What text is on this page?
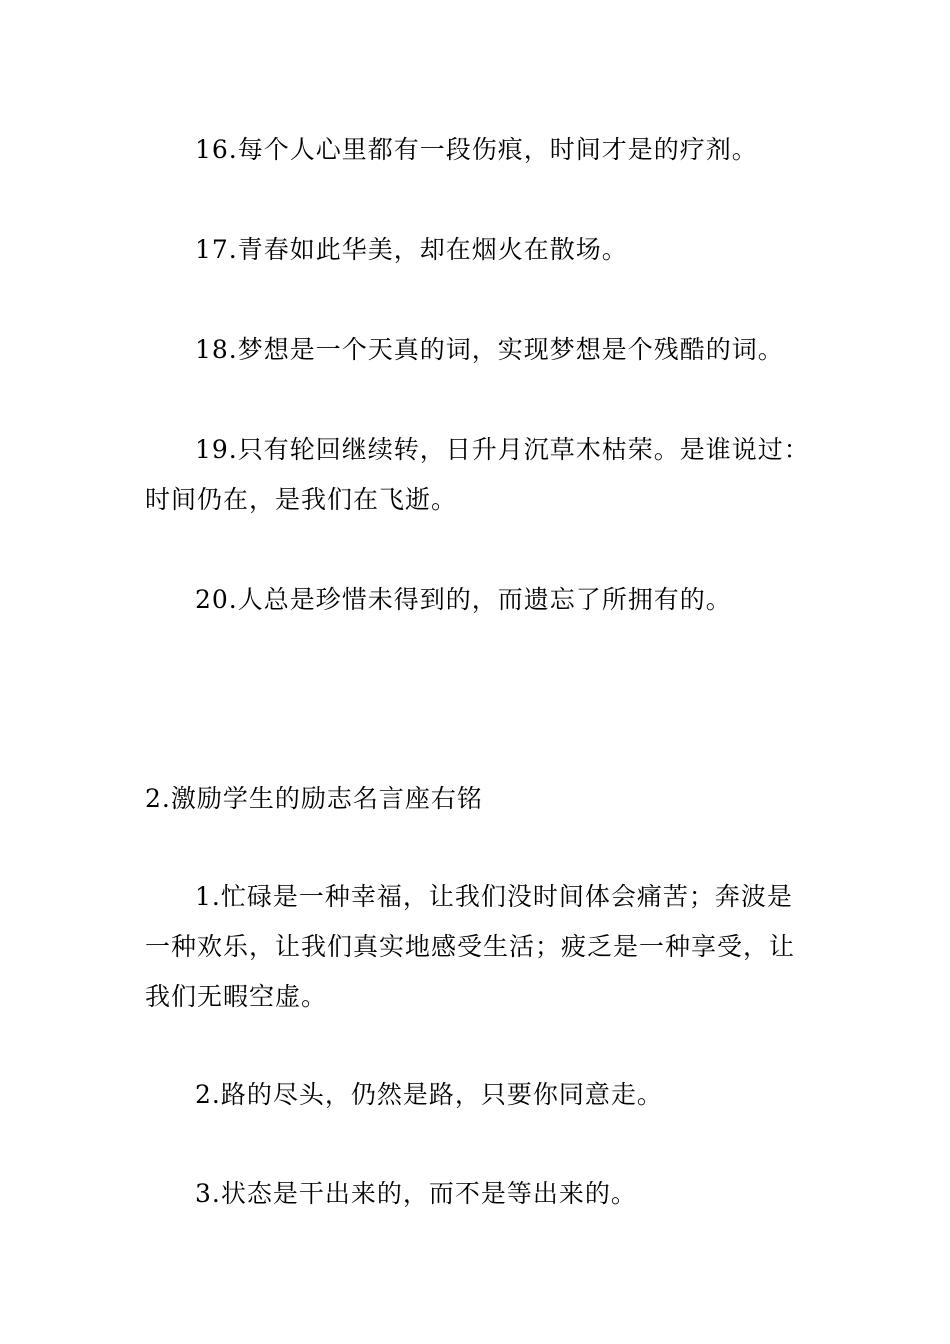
16.每个人心里都有一段伤痕，时间才是的疗剂。
17.青春如此华美，却在烟火在散场。
18.梦想是一个天真的词，实现梦想是个残酷的词。
19.只有轮回继续转，日升月沉草木枯荣。是谁说过：
时间仍在，是我们在飞逝。
20.人总是珍惜未得到的，而遗忘了所拥有的。
2.激励学生的励志名言座右铭
1.忙碌是一种幸福，让我们没时间体会痛苦；奔波是
一种欢乐，让我们真实地感受生活；疲乏是一种享受，让
我们无暇空虚。
2.路的尽头，仍然是路，只要你同意走。
3.状态是干出来的，而不是等出来的。
